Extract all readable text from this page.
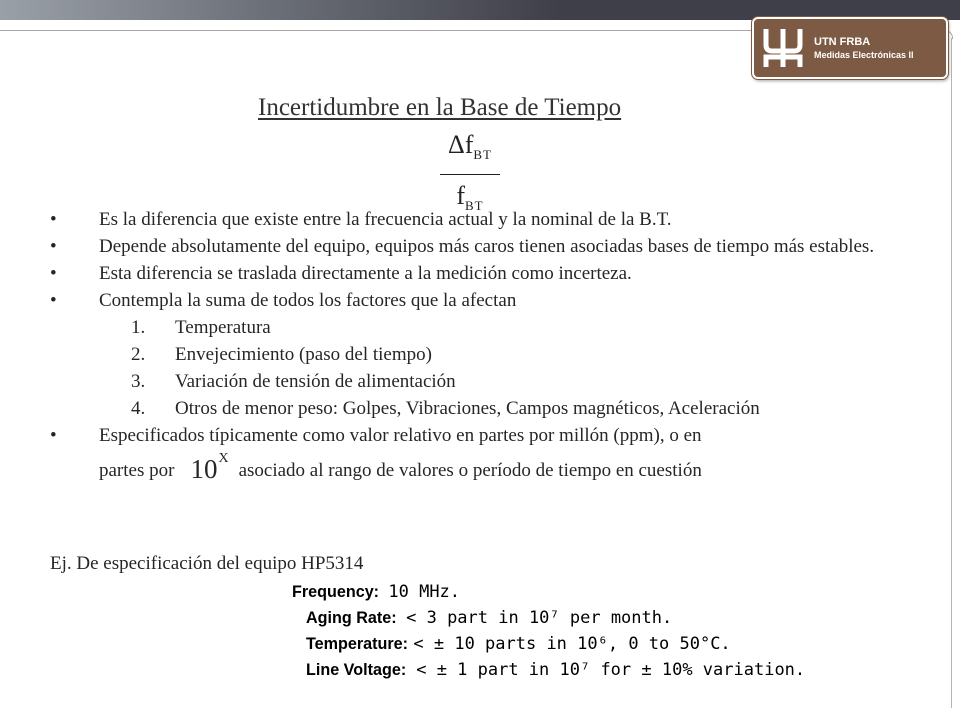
UTN FRBA
Medidas Electrónicas II
Incertidumbre en la Base de Tiempo
$\Delta f_{BT}$
$f_{BT}$
• Es la diferencia que existe entre la frecuencia actual y la nominal de la B.T.
• Depende absolutamente del equipo, equipos más caros tienen asociadas bases de tiempo más estables.
• Esta diferencia se traslada directamente a la medición como incerteza.
• Contempla la suma de todos los factores que la afectan
1. Temperatura
2. Envejecimiento (paso del tiempo)
3. Variación de tensión de alimentación
4. Otros de menor peso: Golpes, Vibraciones, Campos magnéticos, Aceleración
• Especificados típicamente como valor relativo en partes por millón (ppm), o en
partes por $10^Xasociado$ al rango de valores o período de tiempo en cuestión
Ej. De especificación del equipo HP5314
Frequency: 10 MHz.
Aging Rate: < 3 part in 10⁷ per month.
Temperature: < ± 10 parts in 10⁶, 0 to 50°C.
Line Voltage: < ± 1 part in 10⁷ for ± 10% variation.
